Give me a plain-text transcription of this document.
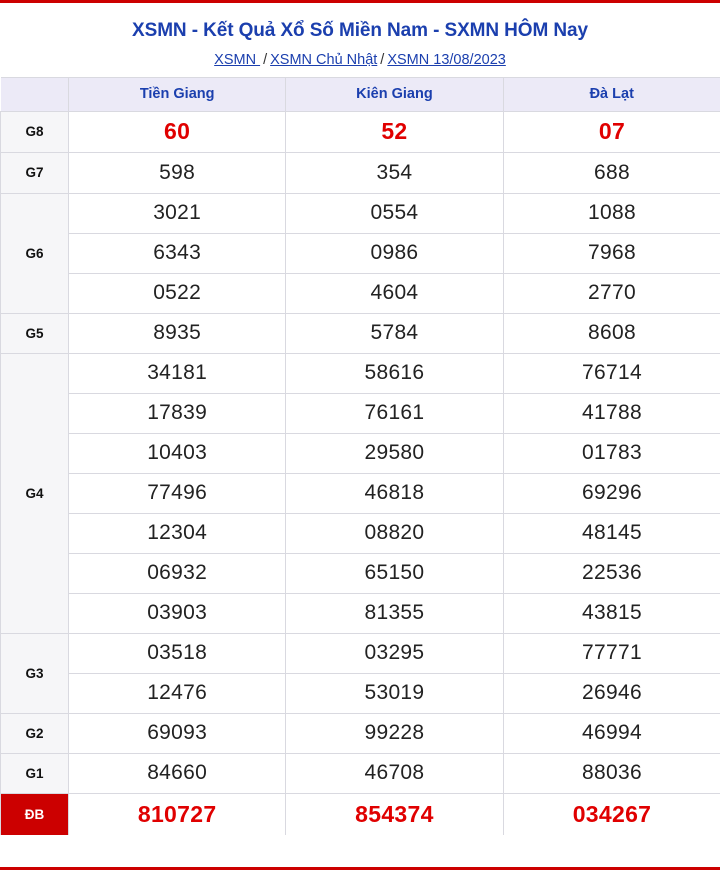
XSMN - Kết Quả Xổ Số Miền Nam - SXMN HÔM Nay
XSMN / XSMN Chủ Nhật / XSMN 13/08/2023
	Tiền Giang	Kiên Giang	Đà Lạt
G8	60	52	07
G7	598	354	688
G6	3021	0554	1088
	6343	0986	7968
	0522	4604	2770
G5	8935	5784	8608
G4	34181	58616	76714
	17839	76161	41788
	10403	29580	01783
	77496	46818	69296
	12304	08820	48145
	06932	65150	22536
	03903	81355	43815
G3	03518	03295	77771
	12476	53019	26946
G2	69093	99228	46994
G1	84660	46708	88036
ĐB	810727	854374	034267
